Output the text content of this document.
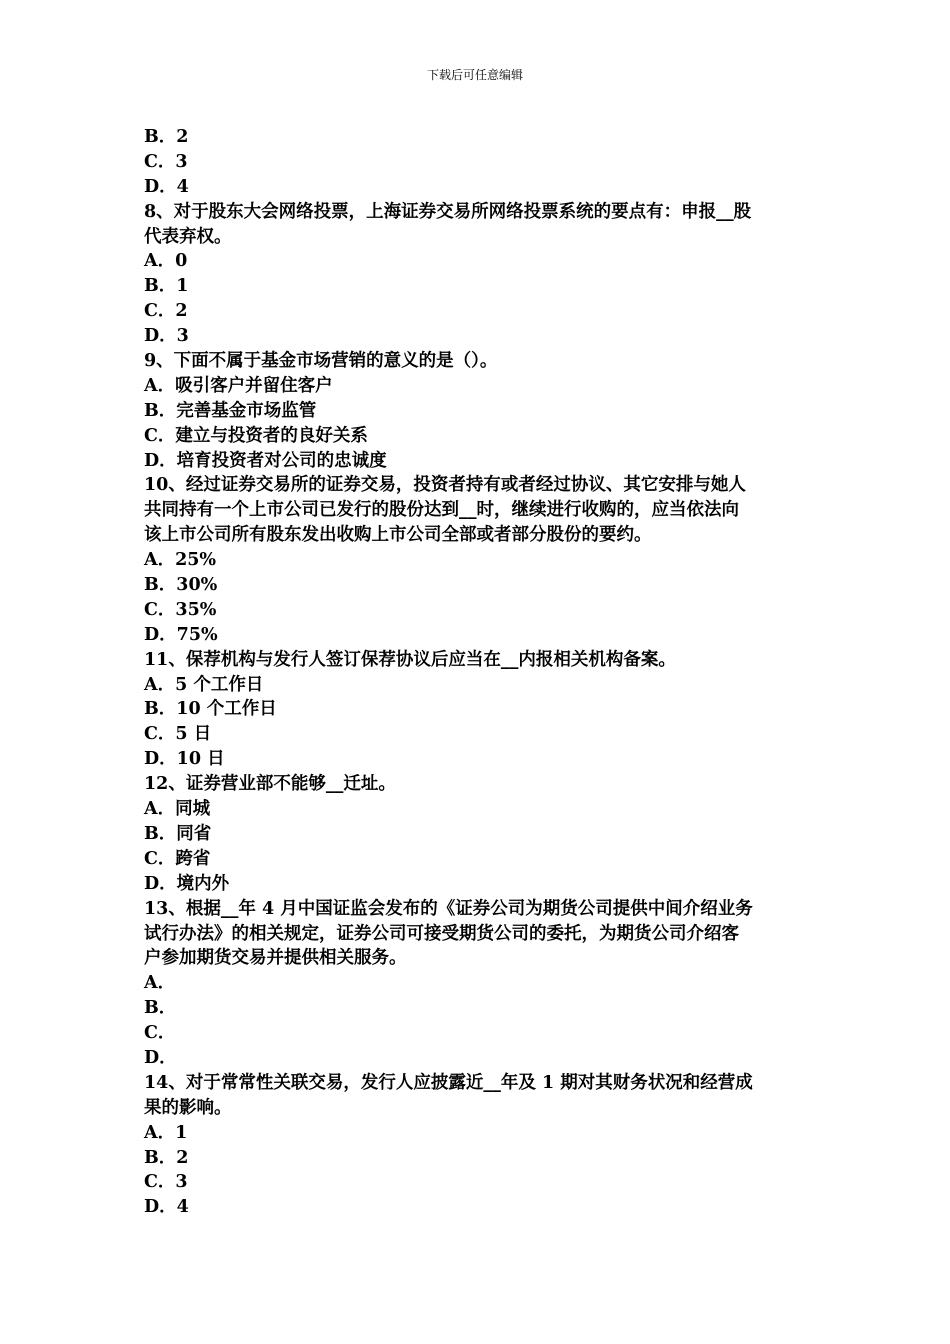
下载后可任意编辑
B．2
C．3
D．4
8、对于股东大会网络投票，上海证券交易所网络投票系统的要点有：申报__股
代表弃权。
A．0
B．1
C．2
D．3
9、下面不属于基金市场营销的意义的是（）。
A．吸引客户并留住客户
B．完善基金市场监管
C．建立与投资者的良好关系
D．培育投资者对公司的忠诚度
10、经过证券交易所的证券交易，投资者持有或者经过协议、其它安排与她人
共同持有一个上市公司已发行的股份达到__时，继续进行收购的，应当依法向
该上市公司所有股东发出收购上市公司全部或者部分股份的要约。
A．25%
B．30%
C．35%
D．75%
11、保荐机构与发行人签订保荐协议后应当在__内报相关机构备案。
A．5 个工作日
B．10 个工作日
C．5 日
D．10 日
12、证券营业部不能够__迁址。
A．同城
B．同省
C．跨省
D．境内外
13、根据__年 4 月中国证监会发布的《证券公司为期货公司提供中间介绍业务
试行办法》的相关规定，证券公司可接受期货公司的委托，为期货公司介绍客
户参加期货交易并提供相关服务。
A．
B．
C．
D．
14、对于常常性关联交易，发行人应披露近__年及 1 期对其财务状况和经营成
果的影响。
A．1
B．2
C．3
D．4
